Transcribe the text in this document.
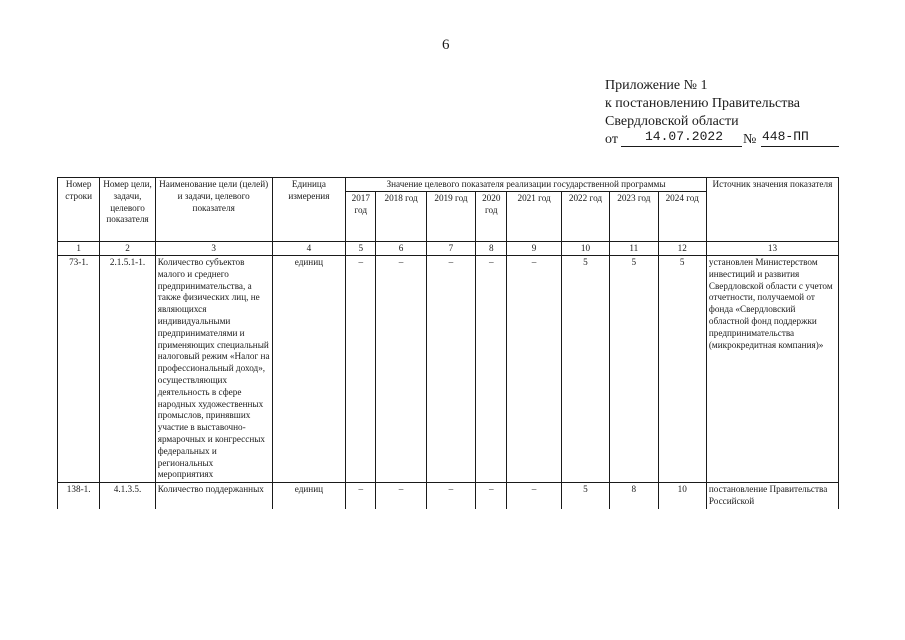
6
Приложение № 1
к постановлению Правительства
Свердловской области
от 14.07.2022 № 448-ПП
Номер строки	Номер цели, задачи, целевого показателя	Наименование цели (целей) и задачи, целевого показателя	Единица измерения	Значение целевого показателя реализации государственной программы								Источник значения показателя
				2017 год	2018 год	2019 год	2020 год	2021 год	2022 год	2023 год	2024 год	
1	2	3	4	5	6	7	8	9	10	11	12	13
73-1.	2.1.5.1-1.	Количество субъектов малого и среднего предпринимательства, а также физических лиц, не являющихся индивидуальными предпринимателями и применяющих специальный налоговый режим «Налог на профессиональный доход», осуществляющих деятельность в сфере народных художественных промыслов, принявших участие в выставочно-ярмарочных и конгрессных федеральных и региональных мероприятиях	единиц	–	–	–	–	–	5	5	5	установлен Министерством инвестиций и развития Свердловской области с учетом отчетности, получаемой от фонда «Свердловский областной фонд поддержки предпринимательства (микрокредитная компания)»
138-1.	4.1.3.5.	Количество поддержанных	единиц	–	–	–	–	–	5	8	10	постановление Правительства Российской
